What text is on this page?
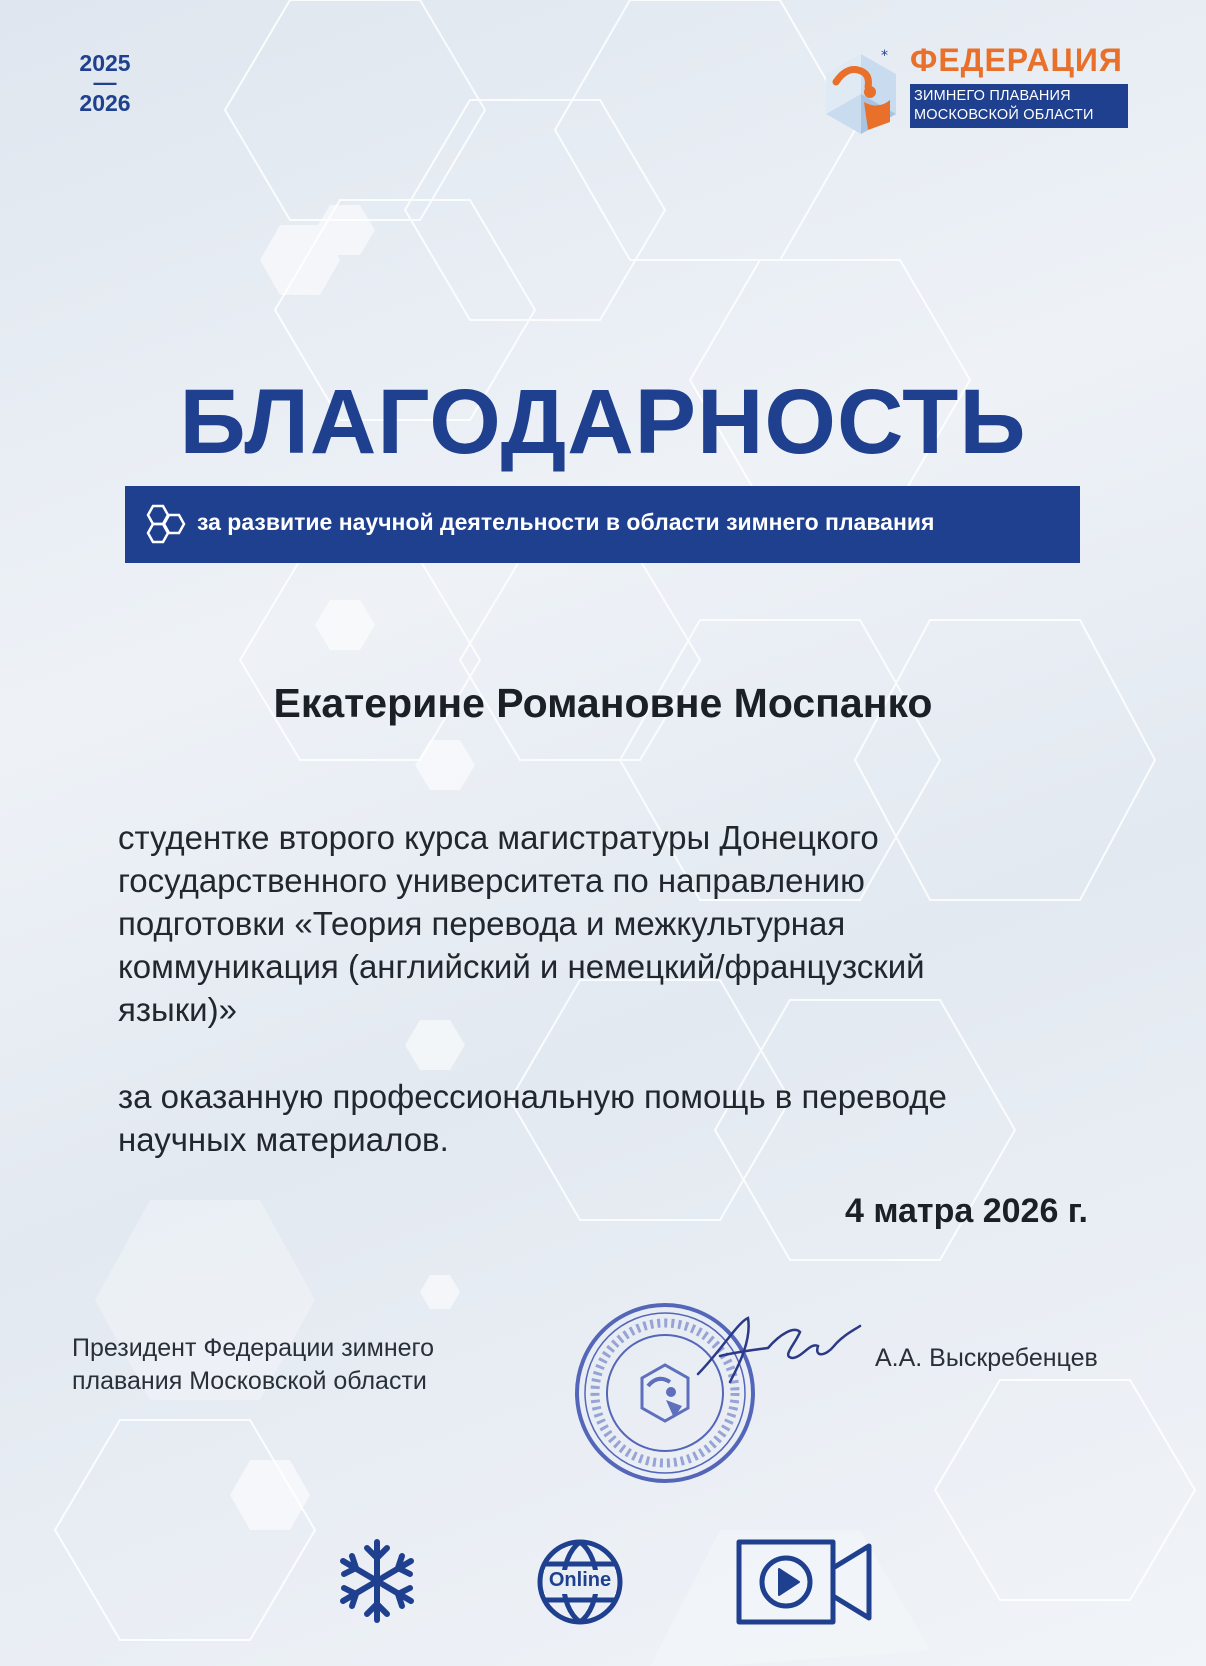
2025
—
2026
* ФЕДЕРАЦИЯ
ЗИМНЕГО ПЛАВАНИЯ
МОСКОВСКОЙ ОБЛАСТИ
БЛАГОДАРНОСТЬ
за развитие научной деятельности в области зимнего плавания
Екатерине Романовне Моспанко
студентке второго курса магистратуры Донецкого
государственного университета по направлению
подготовки «Теория перевода и межкультурная
коммуникация (английский и немецкий/французский
языки)»
за оказанную профессиональную помощь в переводе
научных материалов.
4 матра 2026 г.
Президент Федерации зимнего
плавания Московской области
А.А. Выскребенцев
Online
